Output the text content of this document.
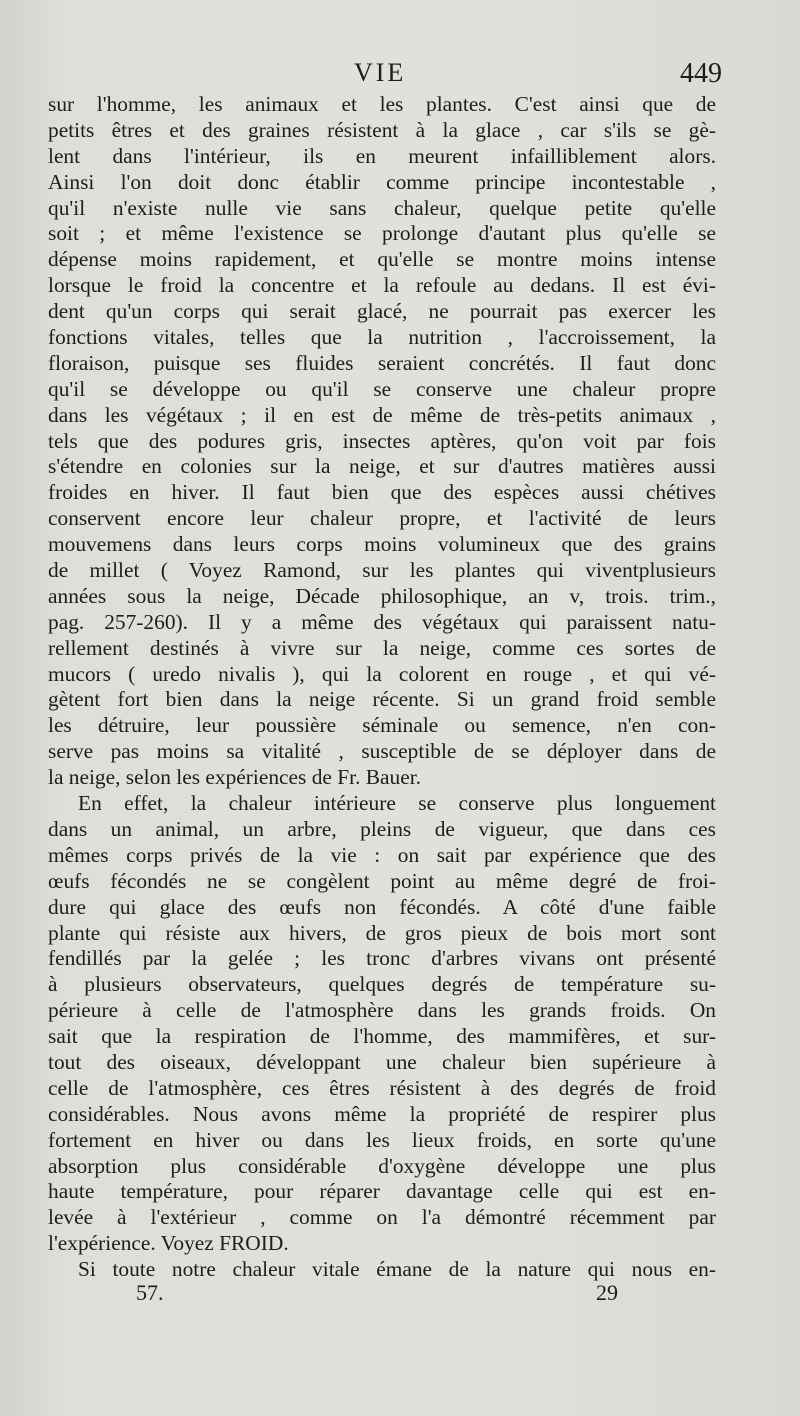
VIE	449
sur l'homme, les animaux et les plantes. C'est ainsi que de
petits êtres et des graines résistent à la glace , car s'ils se gè-
lent dans l'intérieur, ils en meurent infailliblement alors.
Ainsi l'on doit donc établir comme principe incontestable ,
qu'il n'existe nulle vie sans chaleur, quelque petite qu'elle
soit ; et même l'existence se prolonge d'autant plus qu'elle se
dépense moins rapidement, et qu'elle se montre moins intense
lorsque le froid la concentre et la refoule au dedans. Il est évi-
dent qu'un corps qui serait glacé, ne pourrait pas exercer les
fonctions vitales, telles que la nutrition , l'accroissement, la
floraison, puisque ses fluides seraient concrétés. Il faut donc
qu'il se développe ou qu'il se conserve une chaleur propre
dans les végétaux ; il en est de même de très-petits animaux ,
tels que des podures gris, insectes aptères, qu'on voit par fois
s'étendre en colonies sur la neige, et sur d'autres matières aussi
froides en hiver. Il faut bien que des espèces aussi chétives
conservent encore leur chaleur propre, et l'activité de leurs
mouvemens dans leurs corps moins volumineux que des grains
de millet ( Voyez Ramond, sur les plantes qui viventplusieurs
années sous la neige, Décade philosophique, an v, trois. trim.,
pag. 257-260). Il y a même des végétaux qui paraissent natu-
rellement destinés à vivre sur la neige, comme ces sortes de
mucors ( uredo nivalis ), qui la colorent en rouge , et qui vé-
gètent fort bien dans la neige récente. Si un grand froid semble
les détruire, leur poussière séminale ou semence, n'en con-
serve pas moins sa vitalité , susceptible de se déployer dans de
la neige, selon les expériences de Fr. Bauer.
En effet, la chaleur intérieure se conserve plus longuement
dans un animal, un arbre, pleins de vigueur, que dans ces
mêmes corps privés de la vie : on sait par expérience que des
œufs fécondés ne se congèlent point au même degré de froi-
dure qui glace des œufs non fécondés. A côté d'une faible
plante qui résiste aux hivers, de gros pieux de bois mort sont
fendillés par la gelée ; les tronc d'arbres vivans ont présenté
à plusieurs observateurs, quelques degrés de température su-
périeure à celle de l'atmosphère dans les grands froids. On
sait que la respiration de l'homme, des mammifères, et sur-
tout des oiseaux, développant une chaleur bien supérieure à
celle de l'atmosphère, ces êtres résistent à des degrés de froid
considérables. Nous avons même la propriété de respirer plus
fortement en hiver ou dans les lieux froids, en sorte qu'une
absorption plus considérable d'oxygène développe une plus
haute température, pour réparer davantage celle qui est en-
levée à l'extérieur , comme on l'a démontré récemment par
l'expérience. Voyez FROID.
Si toute notre chaleur vitale émane de la nature qui nous en-
57.	29
